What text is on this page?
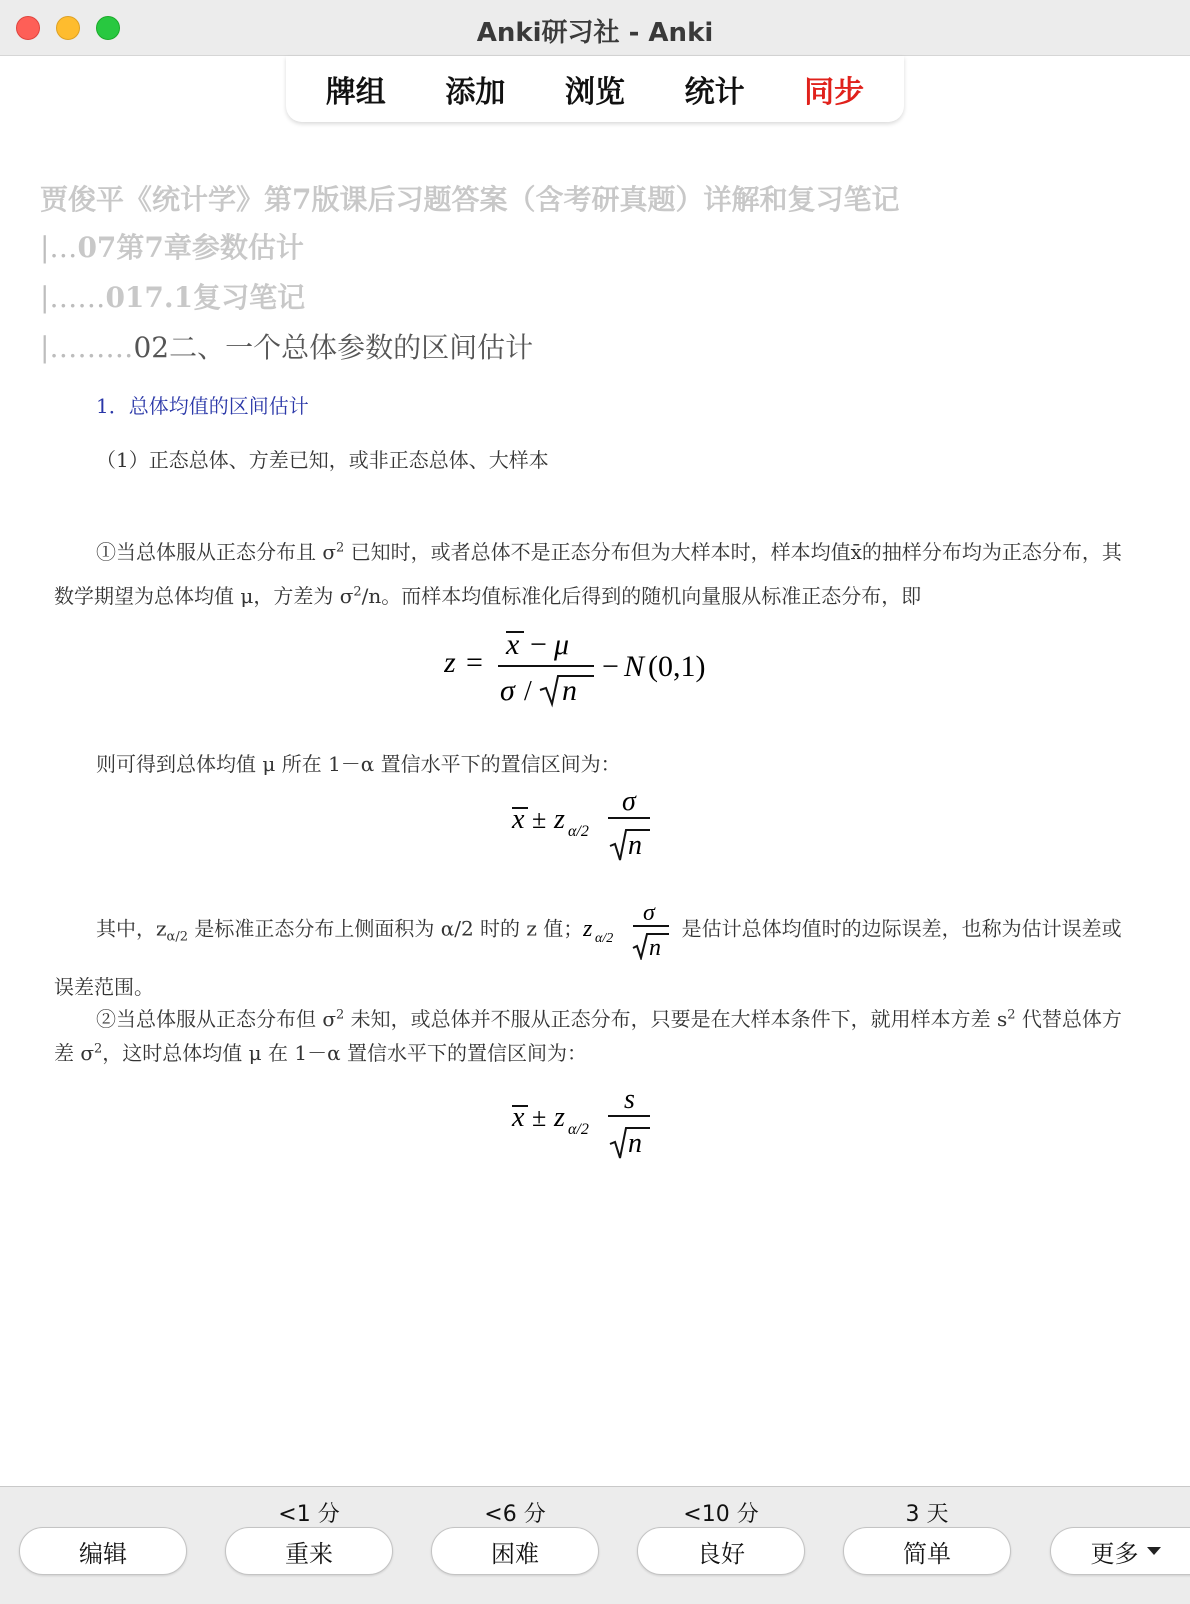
Anki研习社 - Anki
牌组 添加 浏览 统计 同步
贾俊平《统计学》第7版课后习题答案（含考研真题）详解和复习笔记
|…07第7章参数估计
|……017.1复习笔记
|………02二、一个总体参数的区间估计
1．总体均值的区间估计
（1）正态总体、方差已知，或非正态总体、大样本
①当总体服从正态分布且 $\sigma^2$ 已知时，或者总体不是正态分布但为大样本时，样本均值x̄的抽样分布均为正态分布，其数学期望为总体均值 μ，方差为 $\sigma^2/n$。而样本均值标准化后得到的随机向量服从标准正态分布，即
z =
x − μ
σ / n
− N (0,1)
则可得到总体均值 μ 所在 1－α 置信水平下的置信区间为：
x ± z α/2
σ
n
其中，$z_{\alpha/2}$ 是标准正态分布上侧面积为 α/2 时的 z 值； z α/2
σ
n
是估计总体均值时的边际误差，也称为估计误差或误差范围。
②当总体服从正态分布但 $\sigma^2$ 未知，或总体并不服从正态分布，只要是在大样本条件下，就用样本方差 $s^2$ 代替总体方差 $\sigma^2$，这时总体均值 μ 在 1－α 置信水平下的置信区间为：
x ± z α/2
s
n
<1 分	<6 分	<10 分	3 天
编辑	重来	困难	良好	简单	更多
